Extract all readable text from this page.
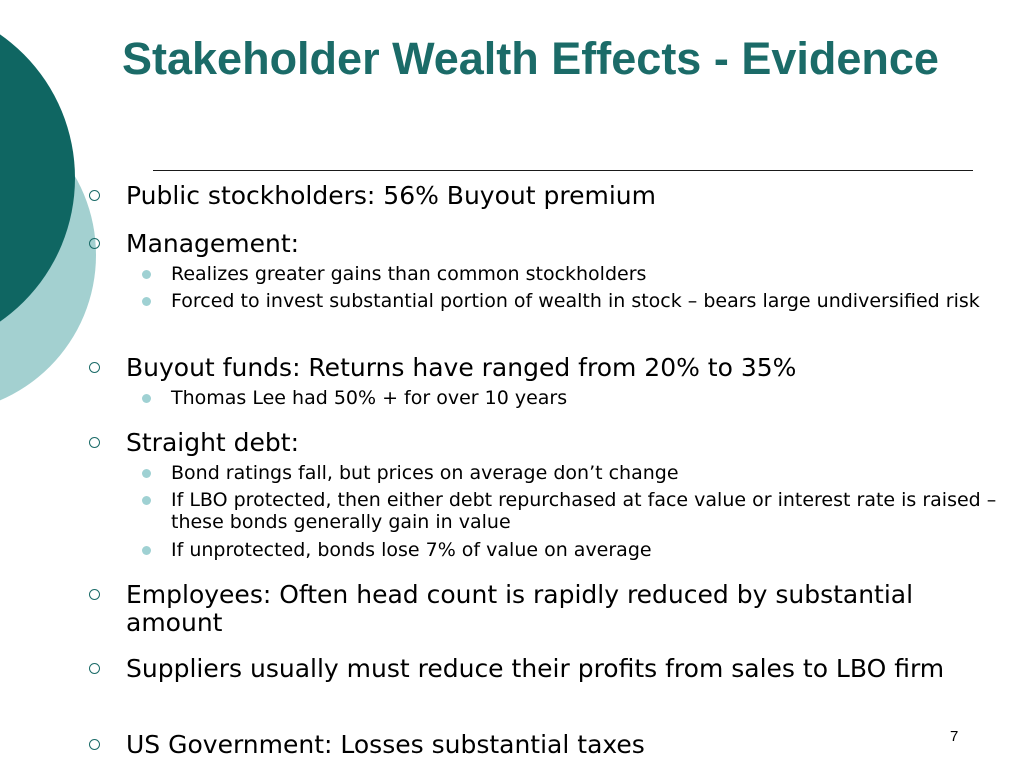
Stakeholder Wealth Effects - Evidence
Public stockholders: 56% Buyout premium
Management:
Realizes greater gains than common stockholders
Forced to invest substantial portion of wealth in stock – bears large undiversified risk
Buyout funds: Returns have ranged from 20% to 35%
Thomas Lee had 50% + for over 10 years
Straight debt:
Bond ratings fall, but prices on average don’t change
If LBO protected, then either debt repurchased at face value or interest rate is raised – these bonds generally gain in value
If unprotected, bonds lose 7% of value on average
Employees: Often head count is rapidly reduced by substantial amount
Suppliers usually must reduce their profits from sales to LBO firm
US Government: Losses substantial taxes	7
